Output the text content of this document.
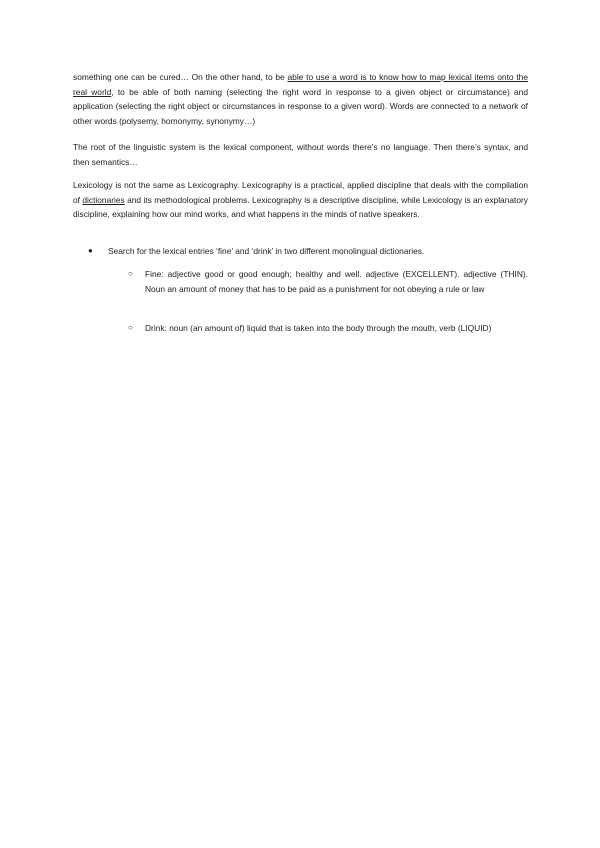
something one can be cured… On the other hand, to be able to use a word is to know how to map lexical items onto the real world, to be able of both naming (selecting the right word in response to a given object or circumstance) and application (selecting the right object or circumstances in response to a given word). Words are connected to a network of other words (polysemy, homonymy, synonymy…)

The root of the linguistic system is the lexical component, without words there’s no language. Then there’s syntax, and then semantics…

Lexicology is not the same as Lexicography. Lexicography is a practical, applied discipline that deals with the compilation of dictionaries and its methodological problems. Lexicography is a descriptive discipline, while Lexicology is an explanatory discipline, explaining how our mind works, and what happens in the minds of native speakers.

● Search for the lexical entries ‘fine’ and ‘drink’ in two different monolingual dictionaries.
○ Fine: adjective good or good enough; healthy and well. adjective (EXCELLENT). adjective (THIN). Noun an amount of money that has to be paid as a punishment for not obeying a rule or law
○ Drink: noun (an amount of) liquid that is taken into the body through the mouth, verb (LIQUID)
